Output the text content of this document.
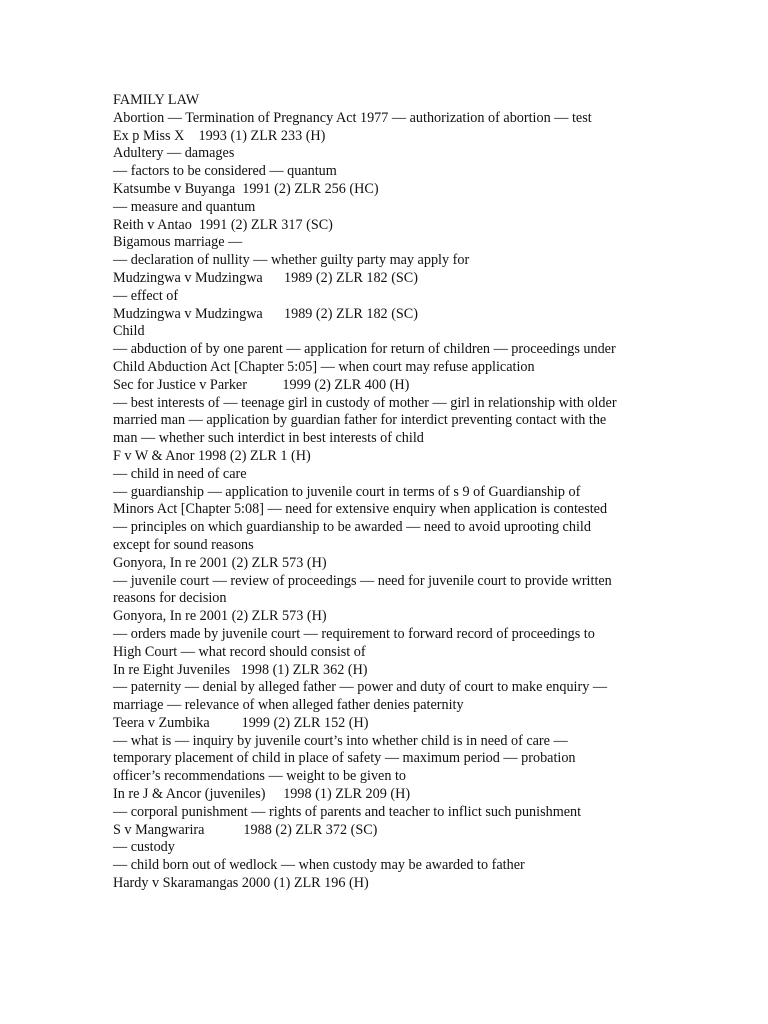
FAMILY LAW
Abortion — Termination of Pregnancy Act 1977 — authorization of abortion — test
Ex p Miss X    1993 (1) ZLR 233 (H)
Adultery — damages
— factors to be considered — quantum
Katsumbe v Buyanga  1991 (2) ZLR 256 (HC)
— measure and quantum
Reith v Antao  1991 (2) ZLR 317 (SC)
Bigamous marriage —
— declaration of nullity — whether guilty party may apply for
Mudzingwa v Mudzingwa      1989 (2) ZLR 182 (SC)
— effect of
Mudzingwa v Mudzingwa      1989 (2) ZLR 182 (SC)
Child
— abduction of by one parent — application for return of children — proceedings under
Child Abduction Act [Chapter 5:05] — when court may refuse application
Sec for Justice v Parker          1999 (2) ZLR 400 (H)
— best interests of — teenage girl in custody of mother — girl in relationship with older
married man — application by guardian father for interdict preventing contact with the
man — whether such interdict in best interests of child
F v W & Anor 1998 (2) ZLR 1 (H)
— child in need of care
— guardianship — application to juvenile court in terms of s 9 of Guardianship of
Minors Act [Chapter 5:08] — need for extensive enquiry when application is contested
— principles on which guardianship to be awarded — need to avoid uprooting child
except for sound reasons
Gonyora, In re 2001 (2) ZLR 573 (H)
— juvenile court — review of proceedings — need for juvenile court to provide written
reasons for decision
Gonyora, In re 2001 (2) ZLR 573 (H)
— orders made by juvenile court — requirement to forward record of proceedings to
High Court — what record should consist of
In re Eight Juveniles   1998 (1) ZLR 362 (H)
— paternity — denial by alleged father — power and duty of court to make enquiry —
marriage — relevance of when alleged father denies paternity
Teera v Zumbika         1999 (2) ZLR 152 (H)
— what is — inquiry by juvenile court’s into whether child is in need of care —
temporary placement of child in place of safety — maximum period — probation
officer’s recommendations — weight to be given to
In re J & Ancor (juveniles)     1998 (1) ZLR 209 (H)
— corporal punishment — rights of parents and teacher to inflict such punishment
S v Mangwarira           1988 (2) ZLR 372 (SC)
— custody
— child born out of wedlock — when custody may be awarded to father
Hardy v Skaramangas 2000 (1) ZLR 196 (H)
